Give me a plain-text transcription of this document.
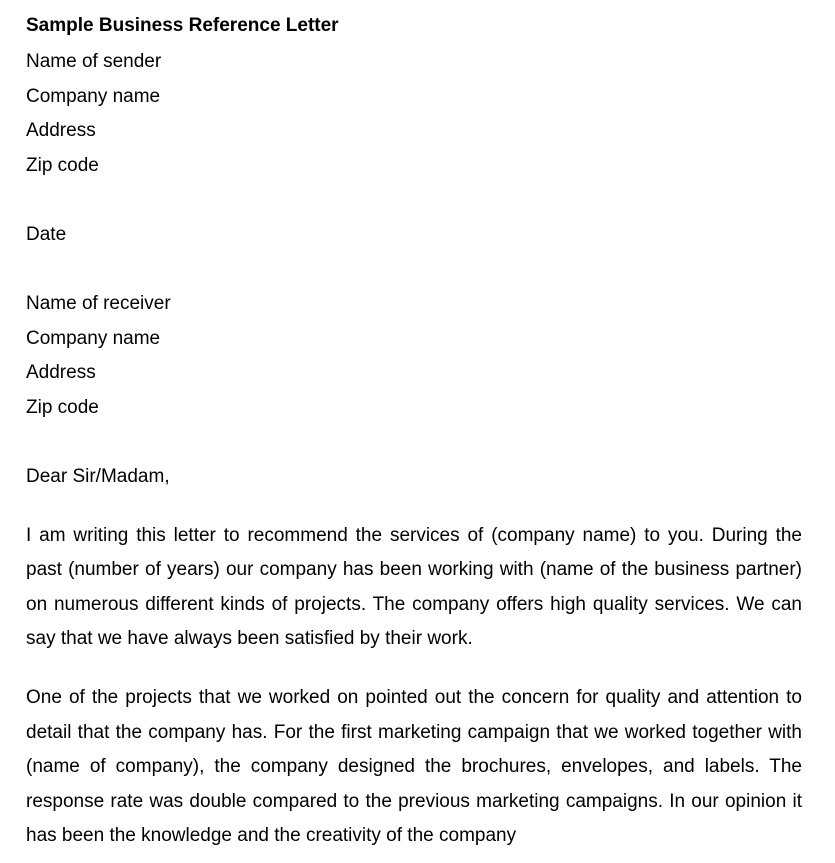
Sample Business Reference Letter
Name of sender
Company name
Address
Zip code
Date
Name of receiver
Company name
Address
Zip code
Dear Sir/Madam,

I am writing this letter to recommend the services of (company name) to you. During the past (number of years) our company has been working with (name of the business partner) on numerous different kinds of projects. The company offers high quality services. We can say that we have always been satisfied by their work.

One of the projects that we worked on pointed out the concern for quality and attention to detail that the company has. For the first marketing campaign that we worked together with (name of company), the company designed the brochures, envelopes, and labels. The response rate was double compared to the previous marketing campaigns. In our opinion it has been the knowledge and the creativity of the company
